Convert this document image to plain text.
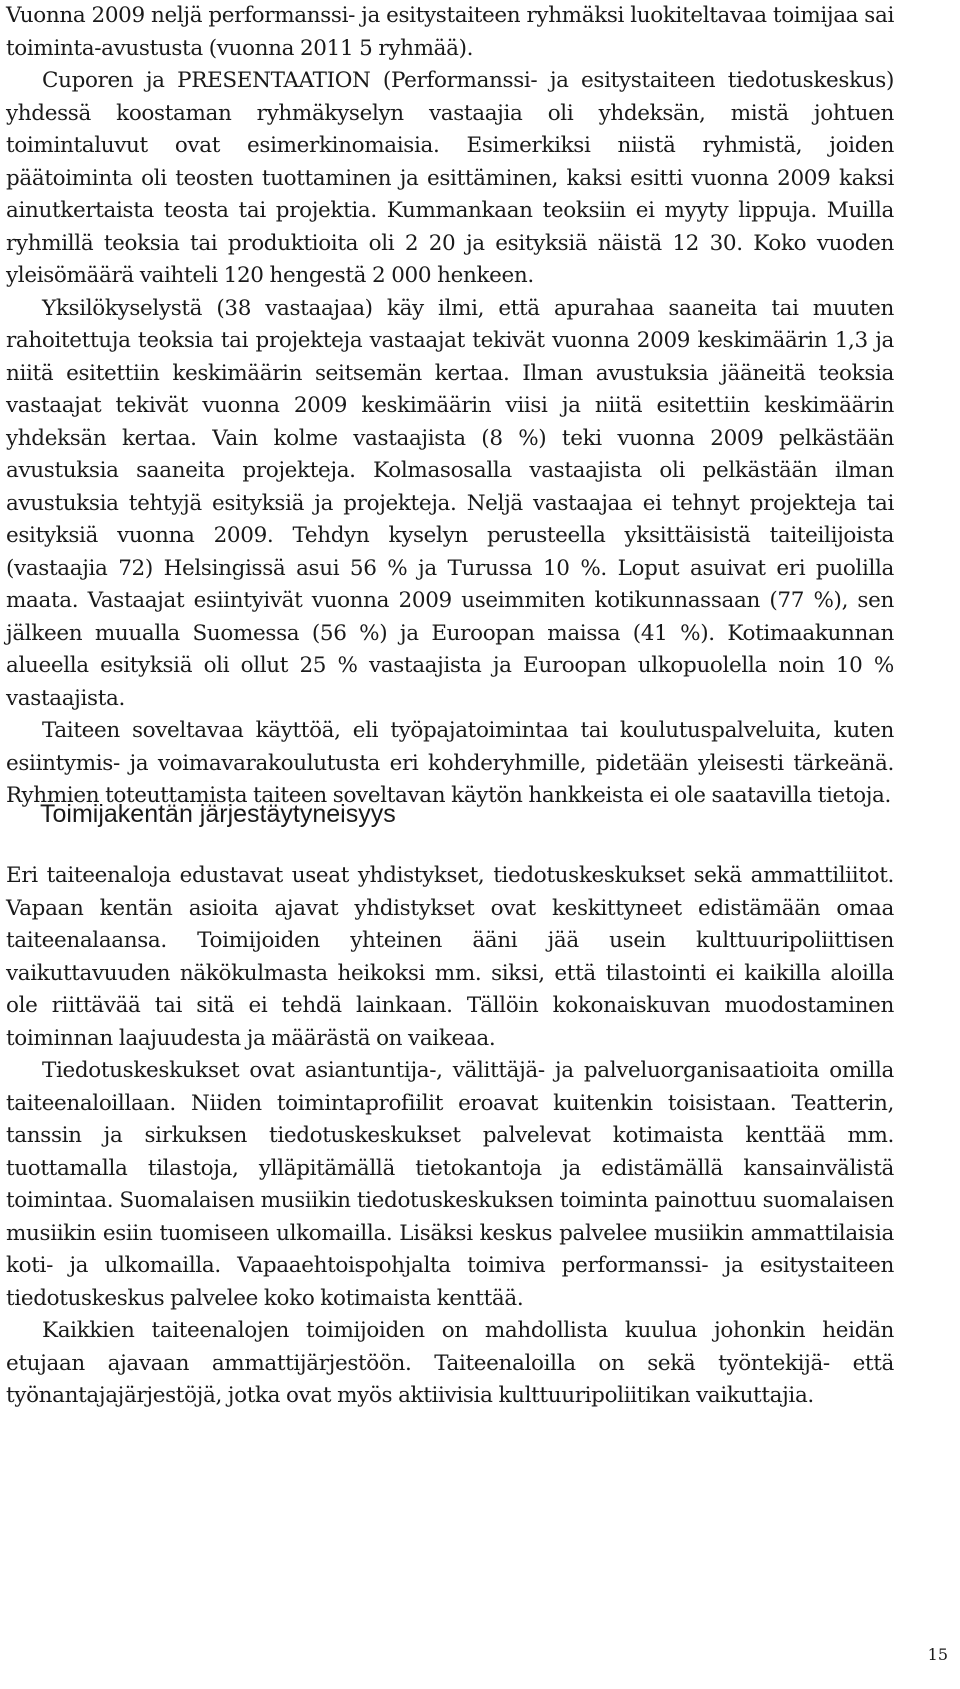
Vuonna 2009 neljä performanssi- ja esitystaiteen ryhmäksi luokiteltavaa toimijaa sai toiminta-avustusta (vuonna 2011 5 ryhmää).

Cuporen ja PRESENTAATION (Performanssi- ja esitystaiteen tiedotuskeskus) yhdessä koostaman ryhmäkyselyn vastaajia oli yhdeksän, mistä johtuen toimintaluvut ovat esimerkinomaisia. Esimerkiksi niistä ryhmistä, joiden päätoiminta oli teosten tuottaminen ja esittäminen, kaksi esitti vuonna 2009 kaksi ainutkertaista teosta tai projektia. Kummankaan teoksiin ei myyty lippuja. Muilla ryhmillä teoksia tai produktioita oli 2 20 ja esityksiä näistä 12 30. Koko vuoden yleisömäärä vaihteli 120 hengestä 2 000 henkeen.

Yksilökyselystä (38 vastaajaa) käy ilmi, että apurahaa saaneita tai muuten rahoitettuja teoksia tai projekteja vastaajat tekivät vuonna 2009 keskimäärin 1,3 ja niitä esitettiin keskimäärin seitsemän kertaa. Ilman avustuksia jääneitä teoksia vastaajat tekivät vuonna 2009 keskimäärin viisi ja niitä esitettiin keskimäärin yhdeksän kertaa. Vain kolme vastaajista (8 %) teki vuonna 2009 pelkästään avustuksia saaneita projekteja. Kolmasosalla vastaajista oli pelkästään ilman avustuksia tehtyjä esityksiä ja projekteja. Neljä vastaajaa ei tehnyt projekteja tai esityksiä vuonna 2009. Tehdyn kyselyn perusteella yksittäisistä taiteilijoista (vastaajia 72) Helsingissä asui 56 % ja Turussa 10 %. Loput asuivat eri puolilla maata. Vastaajat esiintyivät vuonna 2009 useimmiten kotikunnassaan (77 %), sen jälkeen muualla Suomessa (56 %) ja Euroopan maissa (41 %). Kotimaakunnan alueella esityksiä oli ollut 25 % vastaajista ja Euroopan ulkopuolella noin 10 % vastaajista.

Taiteen soveltavaa käyttöä, eli työpajatoimintaa tai koulutuspalveluita, kuten esiintymis- ja voimavarakoulutusta eri kohderyhmille, pidetään yleisesti tärkeänä. Ryhmien toteuttamista taiteen soveltavan käytön hankkeista ei ole saatavilla tietoja.

Toimijakentän järjestäytyneisyys

Eri taiteenaloja edustavat useat yhdistykset, tiedotuskeskukset sekä ammattiliitot. Vapaan kentän asioita ajavat yhdistykset ovat keskittyneet edistämään omaa taiteenalaansa. Toimijoiden yhteinen ääni jää usein kulttuuripoliittisen vaikuttavuuden näkökulmasta heikoksi mm. siksi, että tilastointi ei kaikilla aloilla ole riittävää tai sitä ei tehdä lainkaan. Tällöin kokonaiskuvan muodostaminen toiminnan laajuudesta ja määrästä on vaikeaa.

Tiedotuskeskukset ovat asiantuntija-, välittäjä- ja palveluorganisaatioita omilla taiteenaloillaan. Niiden toimintaprofiilit eroavat kuitenkin toisistaan. Teatterin, tanssin ja sirkuksen tiedotuskeskukset palvelevat kotimaista kenttää mm. tuottamalla tilastoja, ylläpitämällä tietokantoja ja edistämällä kansainvälistä toimintaa. Suomalaisen musiikin tiedotuskeskuksen toiminta painottuu suomalaisen musiikin esiin tuomiseen ulkomailla. Lisäksi keskus palvelee musiikin ammattilaisia koti- ja ulkomailla. Vapaaehtoispohjalta toimiva performanssi- ja esitystaiteen tiedotuskeskus palvelee koko kotimaista kenttää.

Kaikkien taiteenalojen toimijoiden on mahdollista kuulua johonkin heidän etujaan ajavaan ammattijärjestöön. Taiteenaloilla on sekä työntekijä- että työnantajajärjestöjä, jotka ovat myös aktiivisia kulttuuripoliitikan vaikuttajia.

15
